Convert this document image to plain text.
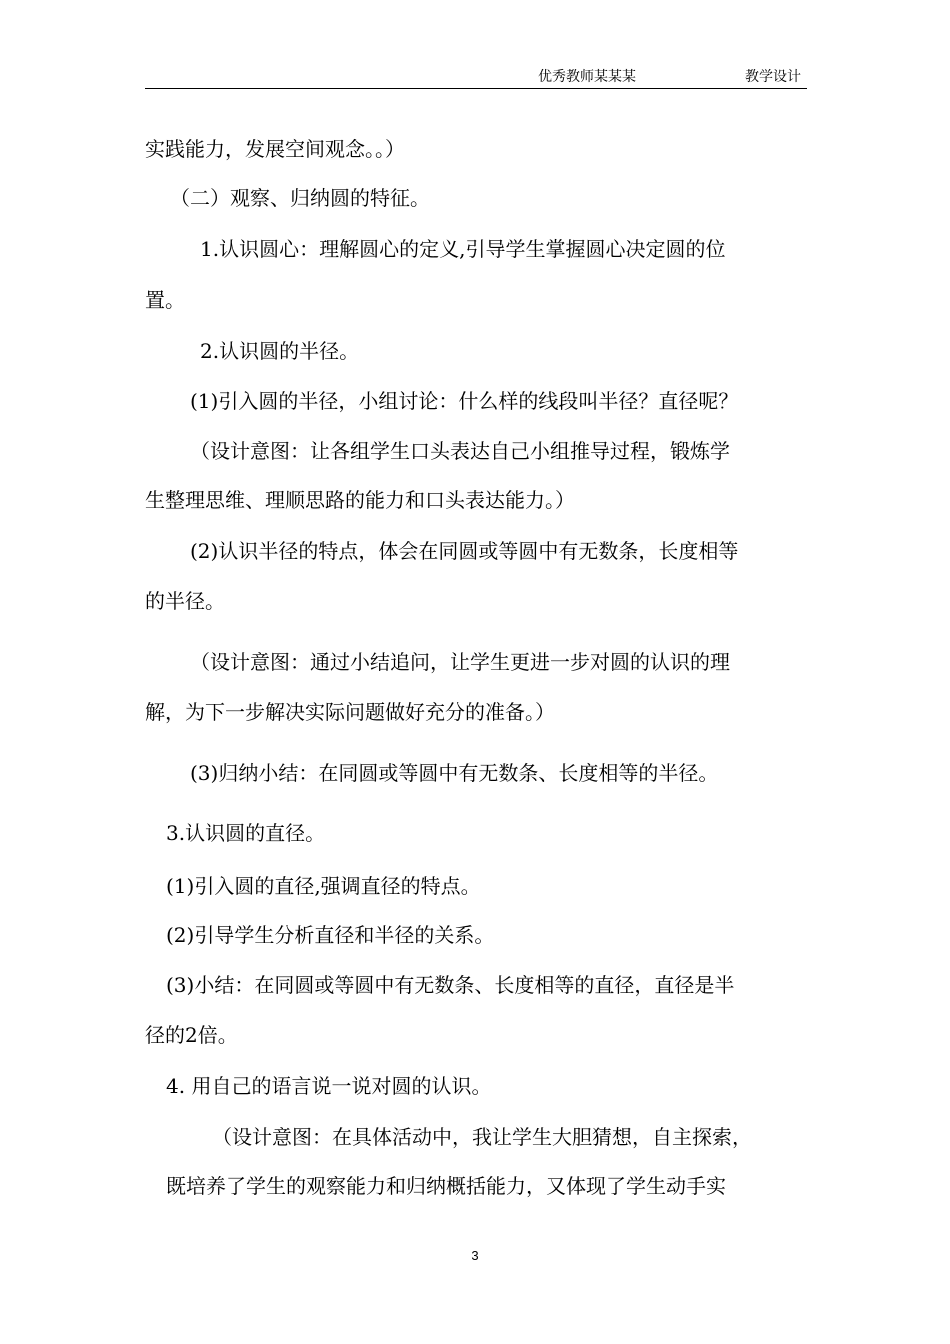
优秀教师某某某	教学设计
实践能力，发展空间观念。。）
（二）观察、归纳圆的特征。
1.认识圆心：理解圆心的定义,引导学生掌握圆心决定圆的位
置。
2.认识圆的半径。
(1)引入圆的半径，小组讨论：什么样的线段叫半径？直径呢？
（设计意图：让各组学生口头表达自己小组推导过程，锻炼学
生整理思维、理顺思路的能力和口头表达能力。）
(2)认识半径的特点，体会在同圆或等圆中有无数条，长度相等
的半径。
（设计意图：通过小结追问，让学生更进一步对圆的认识的理
解，为下一步解决实际问题做好充分的准备。）
(3)归纳小结：在同圆或等圆中有无数条、长度相等的半径。
3.认识圆的直径。
(1)引入圆的直径,强调直径的特点。
(2)引导学生分析直径和半径的关系。
(3)小结：在同圆或等圆中有无数条、长度相等的直径，直径是半
径的2倍。
4. 用自己的语言说一说对圆的认识。
（设计意图：在具体活动中，我让学生大胆猜想，自主探索，
既培养了学生的观察能力和归纳概括能力，又体现了学生动手实
3
